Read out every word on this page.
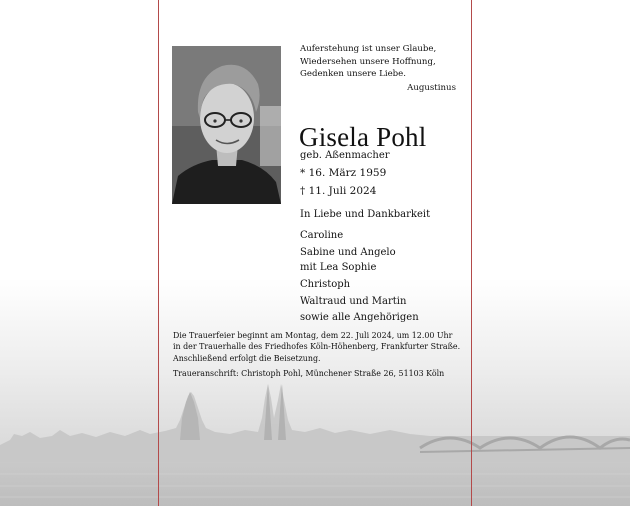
Auferstehung ist unser Glaube,
Wiedersehen unsere Hoffnung,
Gedenken unsere Liebe.
Augustinus
Gisela Pohl
geb. Aßenmacher
* 16. März 1959
† 11. Juli 2024
In Liebe und Dankbarkeit
Caroline
Sabine und Angelo
mit Lea Sophie
Christoph
Waltraud und Martin
sowie alle Angehörigen
Die Trauerfeier beginnt am Montag, dem 22. Juli 2024, um 12.00 Uhr
in der Trauerhalle des Friedhofes Köln-Höhenberg, Frankfurter Straße.
Anschließend erfolgt die Beisetzung.
Traueranschrift: Christoph Pohl, Münchener Straße 26, 51103 Köln
